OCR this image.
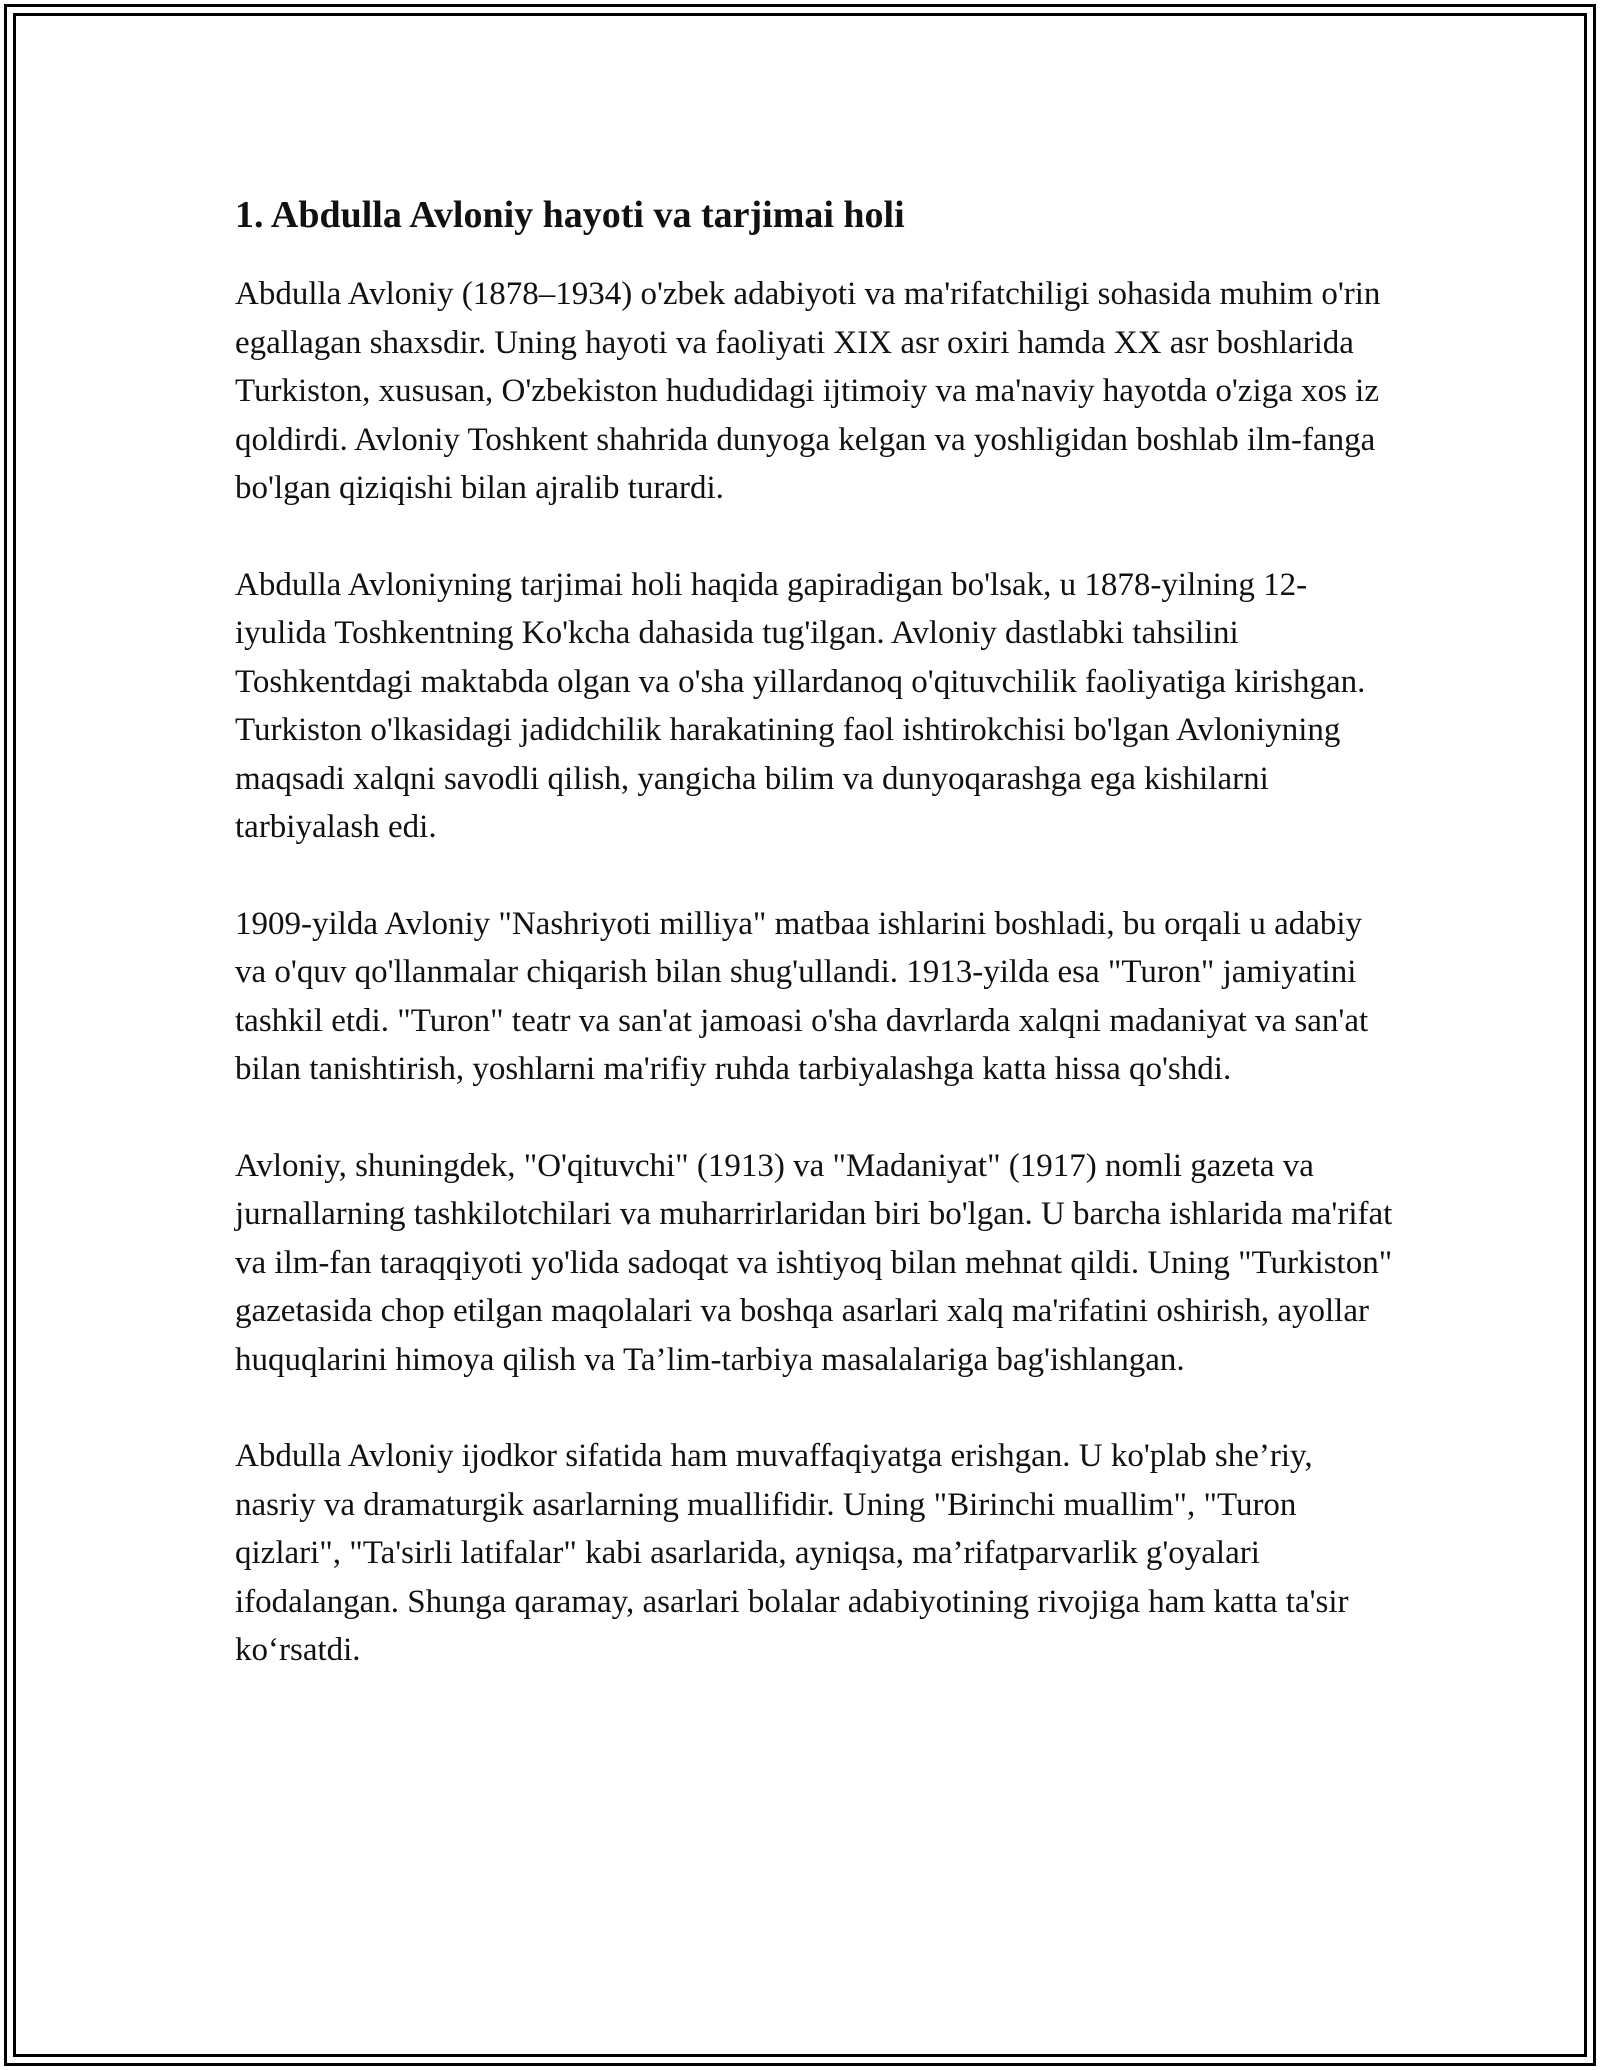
1. Abdulla Avloniy hayoti va tarjimai holi

Abdulla Avloniy (1878–1934) o'zbek adabiyoti va ma'rifatchiligi sohasida muhim o'rin egallagan shaxsdir. Uning hayoti va faoliyati XIX asr oxiri hamda XX asr boshlarida Turkiston, xususan, O'zbekiston hududidagi ijtimoiy va ma'naviy hayotda o'ziga xos iz qoldirdi. Avloniy Toshkent shahrida dunyoga kelgan va yoshligidan boshlab ilm-fanga bo'lgan qiziqishi bilan ajralib turardi.

Abdulla Avloniyning tarjimai holi haqida gapiradigan bo'lsak, u 1878-yilning 12-iyulida Toshkentning Ko'kcha dahasida tug'ilgan. Avloniy dastlabki tahsilini Toshkentdagi maktabda olgan va o'sha yillardanoq o'qituvchilik faoliyatiga kirishgan. Turkiston o'lkasidagi jadidchilik harakatining faol ishtirokchisi bo'lgan Avloniyning maqsadi xalqni savodli qilish, yangicha bilim va dunyoqarashga ega kishilarni tarbiyalash edi.

1909-yilda Avloniy "Nashriyoti milliya" matbaa ishlarini boshladi, bu orqali u adabiy va o'quv qo'llanmalar chiqarish bilan shug'ullandi. 1913-yilda esa "Turon" jamiyatini tashkil etdi. "Turon" teatr va san'at jamoasi o'sha davrlarda xalqni madaniyat va san'at bilan tanishtirish, yoshlarni ma'rifiy ruhda tarbiyalashga katta hissa qo'shdi.

Avloniy, shuningdek, "O'qituvchi" (1913) va "Madaniyat" (1917) nomli gazeta va jurnallarning tashkilotchilari va muharrirlaridan biri bo'lgan. U barcha ishlarida ma'rifat va ilm-fan taraqqiyoti yo'lida sadoqat va ishtiyoq bilan mehnat qildi. Uning "Turkiston" gazetasida chop etilgan maqolalari va boshqa asarlari xalq ma'rifatini oshirish, ayollar huquqlarini himoya qilish va Ta’lim-tarbiya masalalariga bag'ishlangan.

Abdulla Avloniy ijodkor sifatida ham muvaffaqiyatga erishgan. U ko'plab she’riy, nasriy va dramaturgik asarlarning muallifidir. Uning "Birinchi muallim", "Turon qizlari", "Ta'sirli latifalar" kabi asarlarida, ayniqsa, ma’rifatparvarlik g'oyalari ifodalangan. Shunga qaramay, asarlari bolalar adabiyotining rivojiga ham katta ta'sir ko‘rsatdi.
